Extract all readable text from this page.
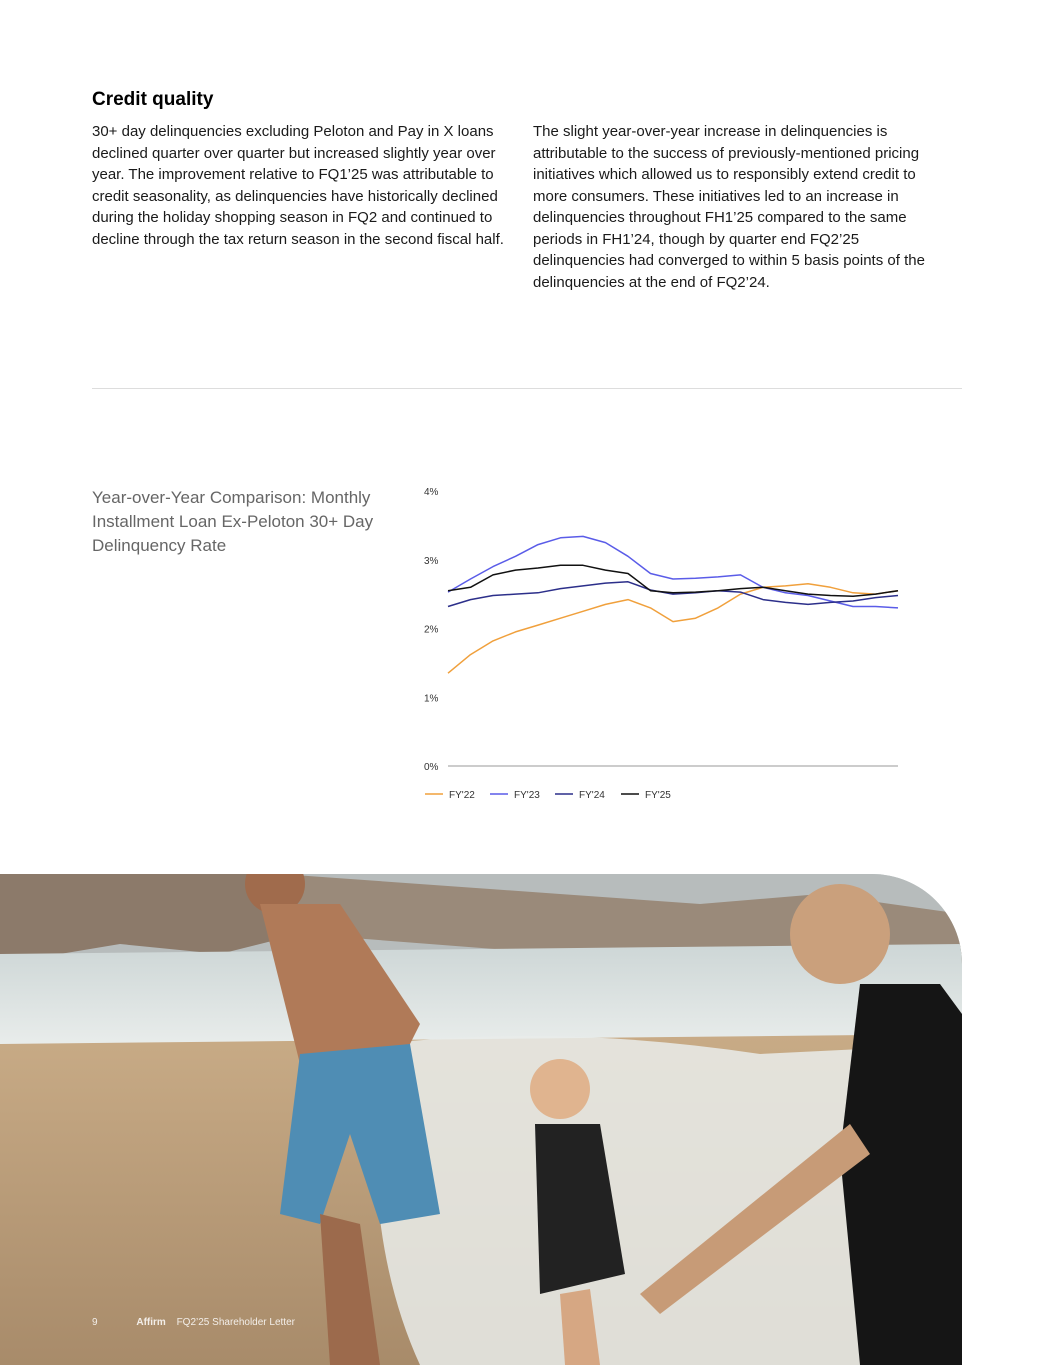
Credit quality

30+ day delinquencies excluding Peloton and Pay in X loans declined quarter over quarter but increased slightly year over year. The improvement relative to FQ1’25 was attributable to credit seasonality, as delinquencies have historically declined during the holiday shopping season in FQ2 and continued to decline through the tax return season in the second fiscal half.

The slight year-over-year increase in delinquencies is attributable to the success of previously-mentioned pricing initiatives which allowed us to responsibly extend credit to more consumers. These initiatives led to an increase in delinquencies throughout FH1’25 compared to the same periods in FH1’24, though by quarter end FQ2’25 delinquencies had converged to within 5 basis points of the delinquencies at the end of FQ2’24.

Year-over-Year Comparison: Monthly Installment Loan Ex-Peloton 30+ Day Delinquency Rate
0%
1%
2%
3%
4%
FY'22	FY'23	FY'24	FY'25
9	Affirm FQ2’25 Shareholder Letter
